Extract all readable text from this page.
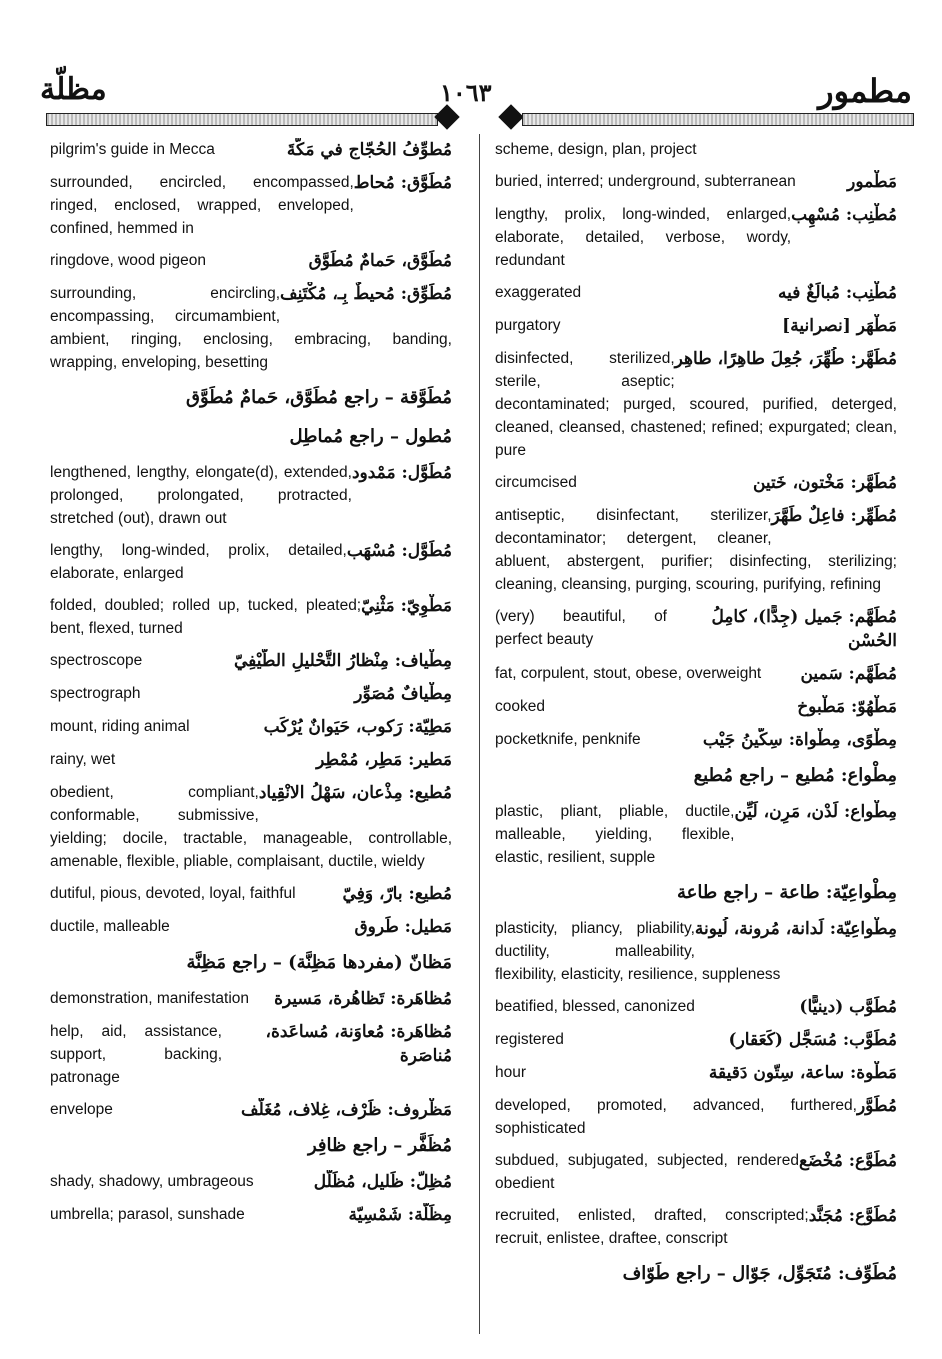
مظلّة	١٠٦٣	مطمور
مُطوِّفُ الحُجّاج في مَكَّةَ
pilgrim's guide in Mecca
مُطَوَّق: مُحاط
surrounded, encircled, encompassed, ringed, enclosed, wrapped, enveloped, confined, hemmed in
مُطَوَّق، حَمامٌ مُطَوَّق
ringdove, wood pigeon
مُطَوِّق: مُحيطٌ بِـ، مُكْتَنِف
surrounding, encircling, encompassing, circumambient, ambient, ringing, enclosing, embracing, banding, wrapping, enveloping, besetting
مُطَوَّقة – راجع مُطَوَّق، حَمامٌ مُطَوَّق
مُطول – راجع مُماطِل
مُطَوَّل: مَمْدود
lengthened, lengthy, elongate(d), extended, prolonged, prolongated, protracted, stretched (out), drawn out
مُطَوَّل: مُسْهَب
lengthy, long-winded, prolix, detailed, elaborate, enlarged
مَطْوِيّ: مَثْنِيّ
folded, doubled; rolled up, tucked, pleated; bent, flexed, turned
مِطْياف: مِنْظارُ التَّحْليلِ الطَّيْفِيّ
spectroscope
مِطْيافٌ مُصَوِّر
spectrograph
مَطِيّة: رَكوب، حَيَوانٌ يُرْكَب
mount, riding animal
مَطير: مَطِر، مُمْطِر
rainy, wet
مُطيع: مِذْعان، سَهْلُ الانْقِياد
obedient, compliant, conformable, submissive, yielding; docile, tractable, manageable, controllable, amenable, flexible, pliable, complaisant, ductile, wieldy
مُطيع: بارّ، وَفِيّ
dutiful, pious, devoted, loyal, faithful
مَطيل: طَروق
ductile, malleable
مَظانّ (مفردها مَظِنَّة) – راجع مَظِنَّة
مُظاهَرة: تَظاهُرة، مَسيرة
demonstration, manifestation
مُظاهَرة: مُعاوَنة، مُساعَدة، مُناصَرة
help, aid, assistance, support, backing, patronage
مَظْروف: ظَرْف، غِلاف، مُغَلَّف
envelope
مُظَفَّر – راجع ظافِر
مُظِلّ: ظَليل، مُظَلَّل
shady, shadowy, umbrageous
مِظَلّة: شَمْسِيّة
umbrella; parasol, sunshade
scheme, design, plan, project
مَطْمور
buried, interred; underground, subterranean
مُطْنِب: مُسْهِب
lengthy, prolix, long-winded, enlarged, elaborate, detailed, verbose, wordy, redundant
مُطْنِب: مُبالَغٌ فيه
exaggerated
مَطْهَر [نصرانية]
purgatory
مُطَهَّر: طُهِّرَ، جُعِلَ طاهِرًا، طاهِر
disinfected, sterilized, sterile, aseptic; decontaminated; purged, scoured, purified, deterged, cleaned, cleansed, chastened; refined; expurgated; clean, pure
مُطَهَّر: مَخْتون، خَتين
circumcised
مُطَهِّر: فاعِلٌ طَهَّرَ
antiseptic, disinfectant, sterilizer, decontaminator; detergent, cleaner, abluent, abstergent, purifier; disinfecting, sterilizing; cleaning, cleansing, purging, scouring, purifying, refining
مُطَهَّم: جَميل (جِدًّا)، كامِلُ الحُسْن
(very) beautiful, of perfect beauty
مُطَهَّم: سَمين
fat, corpulent, stout, obese, overweight
مَطْهُوّ: مَطْبوخ
cooked
مِطْوًى، مِطْواة: سِكّينُ جَيْب
pocketknife, penknife
مِطْواع: مُطيع – راجع مُطيع
مِطْواع: لَدْن، مَرِن، لَيِّن
plastic, pliant, pliable, ductile, malleable, yielding, flexible, elastic, resilient, supple
مِطْواعِيّة: طاعة – راجع طاعة
مِطْواعِيّة: لَدانة، مُرونة، لُيونة
plasticity, pliancy, pliability, ductility, malleability, flexibility, elasticity, resilience, suppleness
مُطَوَّب (دينيًّا)
beatified, blessed, canonized
مُطَوَّب: مُسَجَّل (كَعَقار)
registered
مَطْوة: ساعة، سِتّون دَقيقة
hour
مُطَوَّر
developed, promoted, advanced, furthered, sophisticated
مُطَوَّع: مُخْضَع
subdued, subjugated, subjected, rendered obedient
مُطَوَّع: مُجَنَّد
recruited, enlisted, drafted, conscripted; recruit, enlistee, draftee, conscript
مُطَوِّف: مُتَجَوِّل، جَوّال – راجع طَوّاف
